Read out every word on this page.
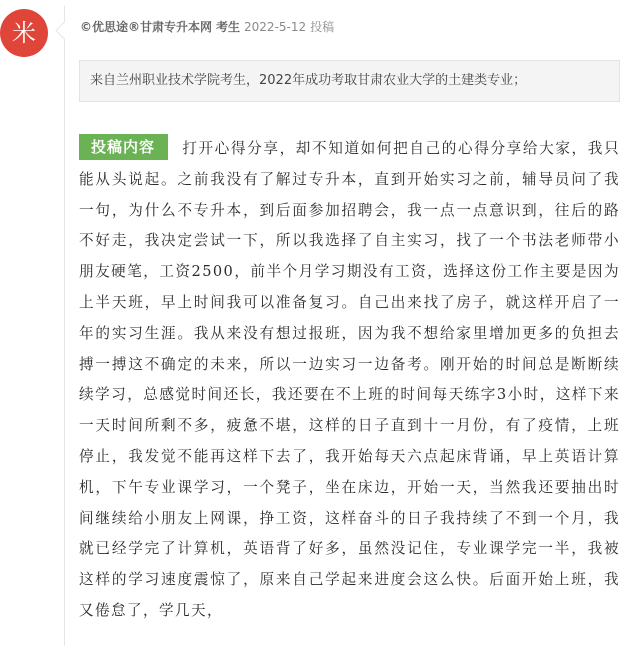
米	©优思途®甘肃专升本网 考生 2022-5-12 投稿
来自兰州职业技术学院考生，2022年成功考取甘肃农业大学的土建类专业；

投稿内容 打开心得分享，却不知道如何把自己的心得分享给大家，我只能从头说起。之前我没有了解过专升本，直到开始实习之前，辅导员问了我一句，为什么不专升本，到后面参加招聘会，我一点一点意识到，往后的路不好走，我决定尝试一下，所以我选择了自主实习，找了一个书法老师带小朋友硬笔，工资2500，前半个月学习期没有工资，选择这份工作主要是因为上半天班，早上时间我可以准备复习。自己出来找了房子，就这样开启了一年的实习生涯。我从来没有想过报班，因为我不想给家里增加更多的负担去搏一搏这不确定的未来，所以一边实习一边备考。刚开始的时间总是断断续续学习，总感觉时间还长，我还要在不上班的时间每天练字3小时，这样下来一天时间所剩不多，疲惫不堪，这样的日子直到十一月份，有了疫情，上班停止，我发觉不能再这样下去了，我开始每天六点起床背诵，早上英语计算机，下午专业课学习，一个凳子，坐在床边，开始一天，当然我还要抽出时间继续给小朋友上网课，挣工资，这样奋斗的日子我持续了不到一个月，我就已经学完了计算机，英语背了好多，虽然没记住，专业课学完一半，我被这样的学习速度震惊了，原来自己学起来进度会这么快。后面开始上班，我又倦怠了，学几天，
